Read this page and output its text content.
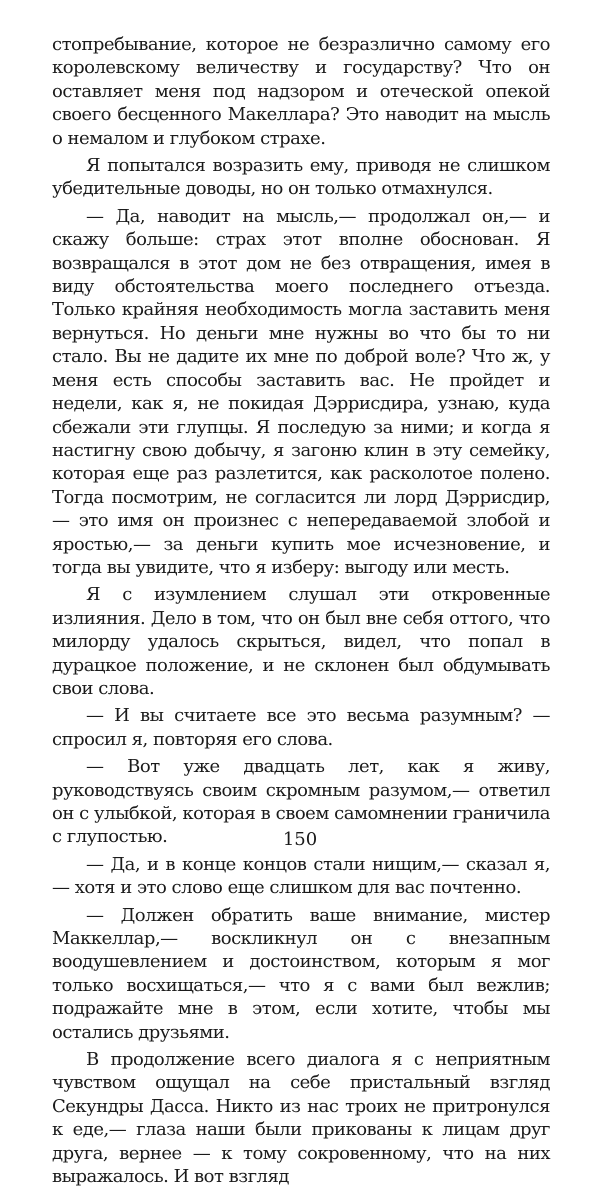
стопребывание, которое не безразлично самому его королевскому величеству и государству? Что он оставляет меня под надзором и отеческой опекой своего бесценного Макеллара? Это наводит на мысль о немалом и глубоком страхе.

Я попытался возразить ему, приводя не слишком убедительные доводы, но он только отмахнулся.

— Да, наводит на мысль,— продолжал он,— и скажу больше: страх этот вполне обоснован. Я возвращался в этот дом не без отвращения, имея в виду обстоятельства моего последнего отъезда. Только крайняя необходимость могла заставить меня вернуться. Но деньги мне нужны во что бы то ни стало. Вы не дадите их мне по доброй воле? Что ж, у меня есть способы заставить вас. Не пройдет и недели, как я, не покидая Дэррисдира, узнаю, куда сбежали эти глупцы. Я последую за ними; и когда я настигну свою добычу, я загоню клин в эту семейку, которая еще раз разлетится, как расколотое полено. Тогда посмотрим, не согласится ли лорд Дэррисдир,— это имя он произнес с непередаваемой злобой и яростью,— за деньги купить мое исчезновение, и тогда вы увидите, что я изберу: выгоду или месть.

Я с изумлением слушал эти откровенные излияния. Дело в том, что он был вне себя оттого, что милорду удалось скрыться, видел, что попал в дурацкое положение, и не склонен был обдумывать свои слова.

— И вы считаете все это весьма разумным? — спросил я, повторяя его слова.

— Вот уже двадцать лет, как я живу, руководствуясь своим скромным разумом,— ответил он с улыбкой, которая в своем самомнении граничила с глупостью.

— Да, и в конце концов стали нищим,— сказал я,— хотя и это слово еще слишком для вас почтенно.

— Должен обратить ваше внимание, мистер Маккеллар,— воскликнул он с внезапным воодушевлением и достоинством, которым я мог только восхищаться,— что я с вами был вежлив; подражайте мне в этом, если хотите, чтобы мы остались друзьями.

В продолжение всего диалога я с неприятным чувством ощущал на себе пристальный взгляд Секундры Дасса. Никто из нас троих не притронулся к еде,— глаза наши были прикованы к лицам друг друга, вернее — к тому сокровенному, что на них выражалось. И вот взгляд

150
